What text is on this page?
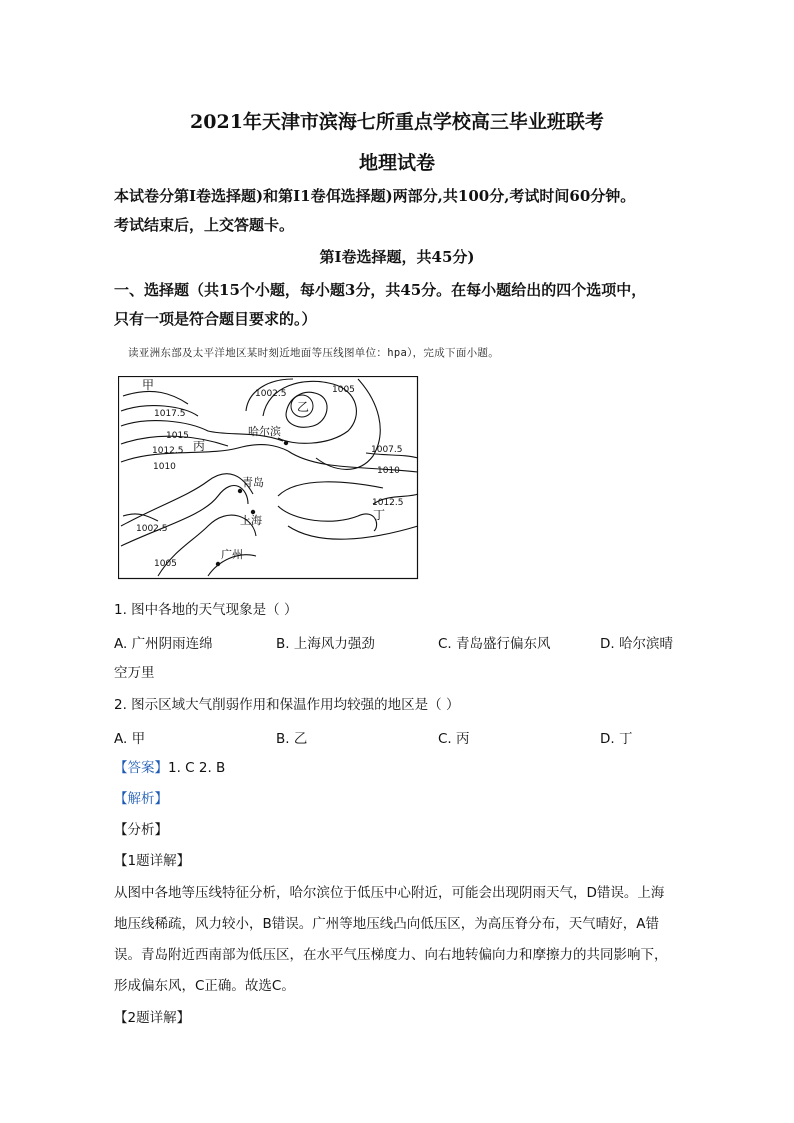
2021年天津市滨海七所重点学校高三毕业班联考
地理试卷
本试卷分第Ⅰ卷选择题)和第I1卷佴选择题)两部分,共100分,考试时间60分钟。
考试结束后，上交答题卡。
第Ⅰ卷选择题，共45分)
一、选择题（共15个小题，每小题3分，共45分。在每小题给出的四个选项中，
只有一项是符合题目要求的。）
读亚洲东部及太平洋地区某时刻近地面等压线图单位：hpa），完成下面小题。
甲
乙
丙
丁
哈尔滨
青岛
上海
广州
1002.5	1005
1017.5
1015
1012.5
1010
1007.5
1010
1012.5
1002.5
1005
1. 图中各地的天气现象是（ ）
A. 广州阴雨连绵	B. 上海风力强劲	C. 青岛盛行偏东风	D. 哈尔滨晴
空万里
2. 图示区域大气削弱作用和保温作用均较强的地区是（ ）
A. 甲	B. 乙	C. 丙	D. 丁
【答案】1. C 2. B
【解析】
【分析】
【1题详解】
从图中各地等压线特征分析，哈尔滨位于低压中心附近，可能会出现阴雨天气，D错误。上海
地压线稀疏，风力较小，B错误。广州等地压线凸向低压区，为高压脊分布，天气晴好，A错
误。青岛附近西南部为低压区，在水平气压梯度力、向右地转偏向力和摩擦力的共同影响下，
形成偏东风，C正确。故选C。
【2题详解】
